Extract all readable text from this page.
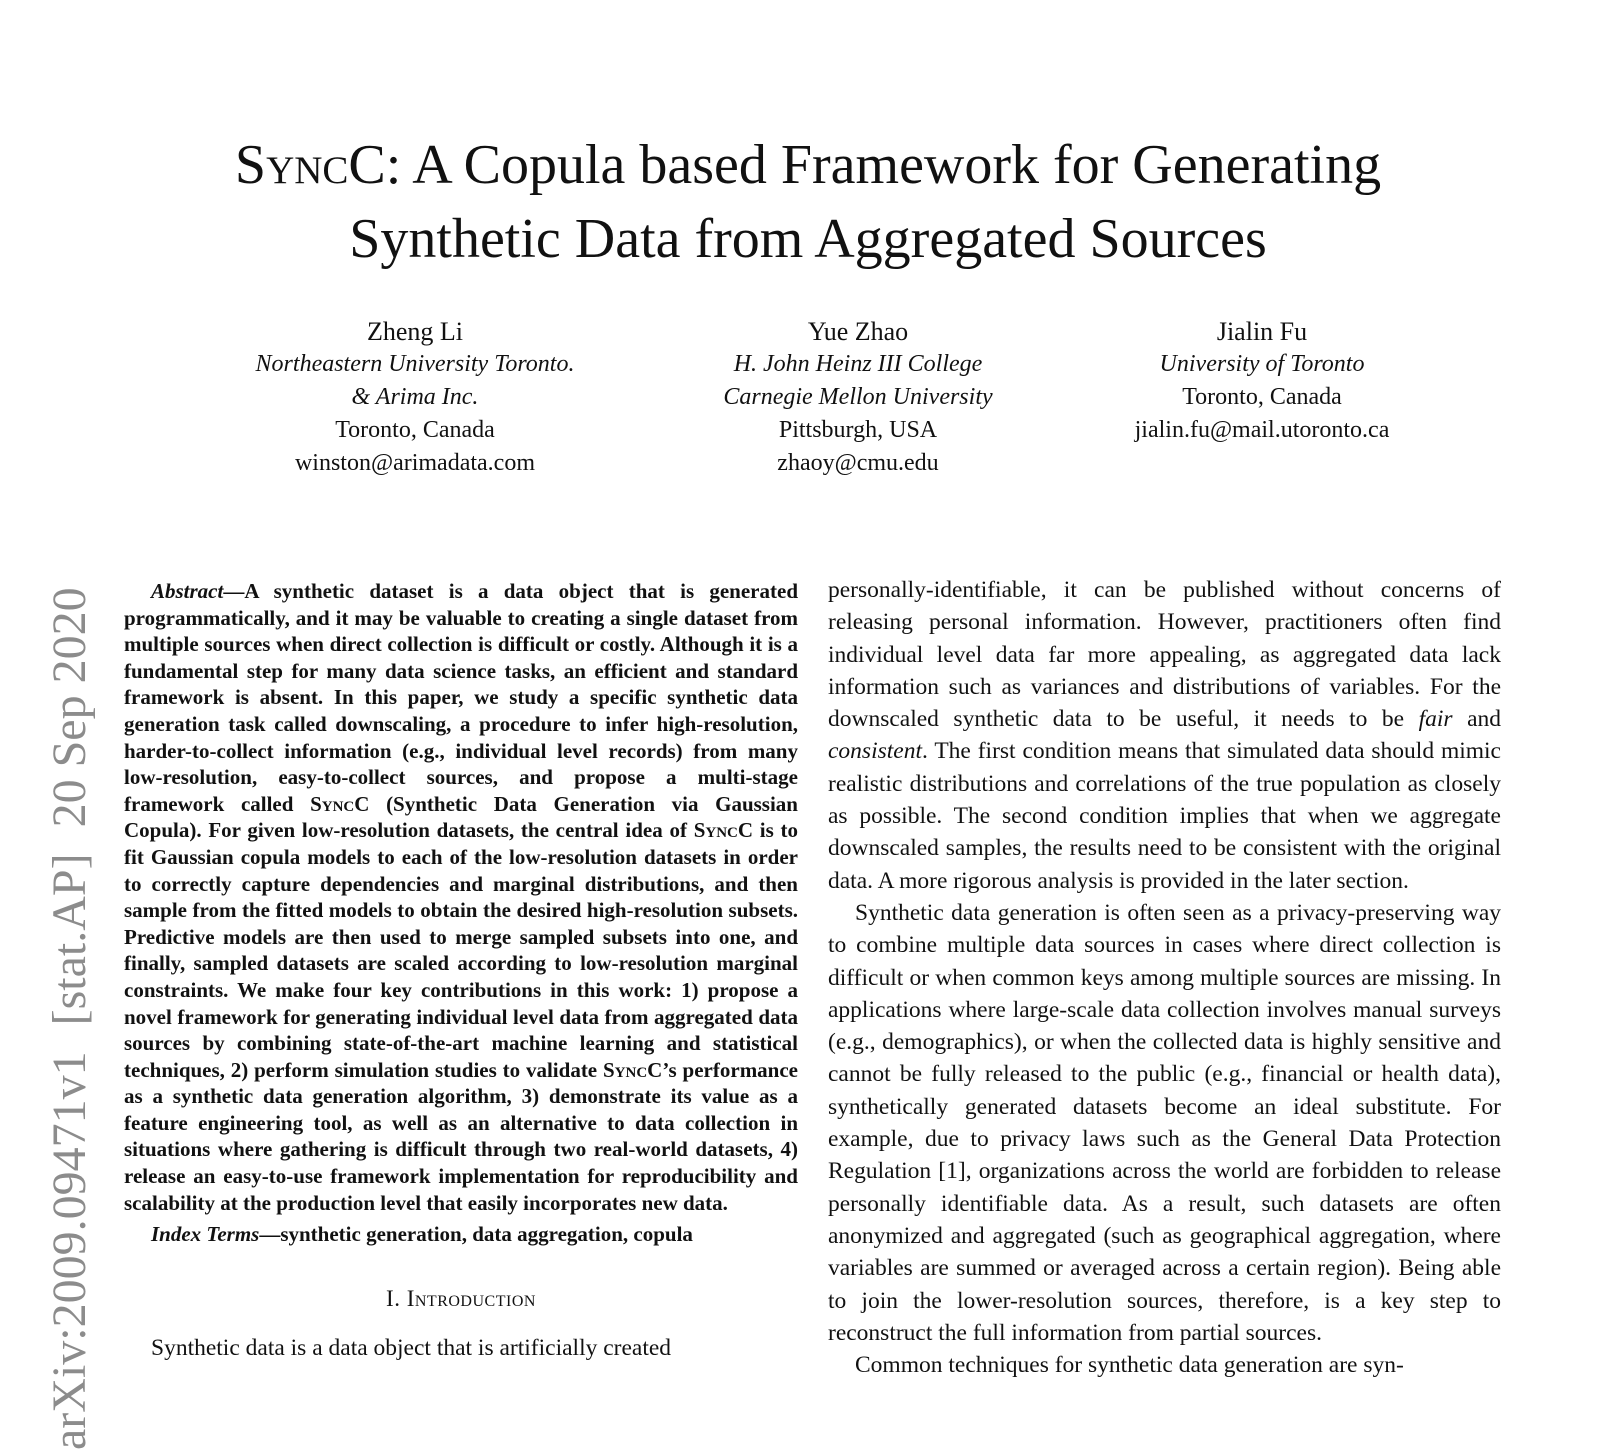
SyncC: A Copula based Framework for Generating
Synthetic Data from Aggregated Sources
Zheng Li
Northeastern University Toronto.
& Arima Inc.
Toronto, Canada
winston@arimadata.com
Yue Zhao
H. John Heinz III College
Carnegie Mellon University
Pittsburgh, USA
zhaoy@cmu.edu
Jialin Fu
University of Toronto
Toronto, Canada
jialin.fu@mail.utoronto.ca
arXiv:2009.09471v1 [stat.AP] 20 Sep 2020	Abstract—A synthetic dataset is a data object that is generated programmatically, and it may be valuable to creating a single dataset from multiple sources when direct collection is difficult or costly. Although it is a fundamental step for many data science tasks, an efficient and standard framework is absent. In this paper, we study a specific synthetic data generation task called downscaling, a procedure to infer high-resolution, harder-to-collect information (e.g., individual level records) from many low-resolution, easy-to-collect sources, and propose a multi-stage framework called SyncC (Synthetic Data Generation via Gaussian Copula). For given low-resolution datasets, the central idea of SyncC is to fit Gaussian copula models to each of the low-resolution datasets in order to correctly capture dependencies and marginal distributions, and then sample from the fitted models to obtain the desired high-resolution subsets. Predictive models are then used to merge sampled subsets into one, and finally, sampled datasets are scaled according to low-resolution marginal constraints. We make four key contributions in this work: 1) propose a novel framework for generating individual level data from aggregated data sources by combining state-of-the-art machine learning and statistical techniques, 2) perform simulation studies to validate SyncC’s performance as a synthetic data generation algorithm, 3) demonstrate its value as a feature engineering tool, as well as an alternative to data collection in situations where gathering is difficult through two real-world datasets, 4) release an easy-to-use framework implementation for reproducibility and scalability at the production level that easily incorporates new data.

Index Terms—synthetic generation, data aggregation, copula

I. Introduction
Synthetic data is a data object that is artificially created

personally-identifiable, it can be published without concerns of releasing personal information. However, practitioners often find individual level data far more appealing, as aggregated data lack information such as variances and distributions of variables. For the downscaled synthetic data to be useful, it needs to be fair and consistent. The first condition means that simulated data should mimic realistic distributions and correlations of the true population as closely as possible. The second condition implies that when we aggregate downscaled samples, the results need to be consistent with the original data. A more rigorous analysis is provided in the later section.

Synthetic data generation is often seen as a privacy-preserving way to combine multiple data sources in cases where direct collection is difficult or when common keys among multiple sources are missing. In applications where large-scale data collection involves manual surveys (e.g., demographics), or when the collected data is highly sensitive and cannot be fully released to the public (e.g., financial or health data), synthetically generated datasets become an ideal substitute. For example, due to privacy laws such as the General Data Protection Regulation [1], organizations across the world are forbidden to release personally identifiable data. As a result, such datasets are often anonymized and aggregated (such as geographical aggregation, where variables are summed or averaged across a certain region). Being able to join the lower-resolution sources, therefore, is a key step to reconstruct the full information from partial sources.

Common techniques for synthetic data generation are syn-
